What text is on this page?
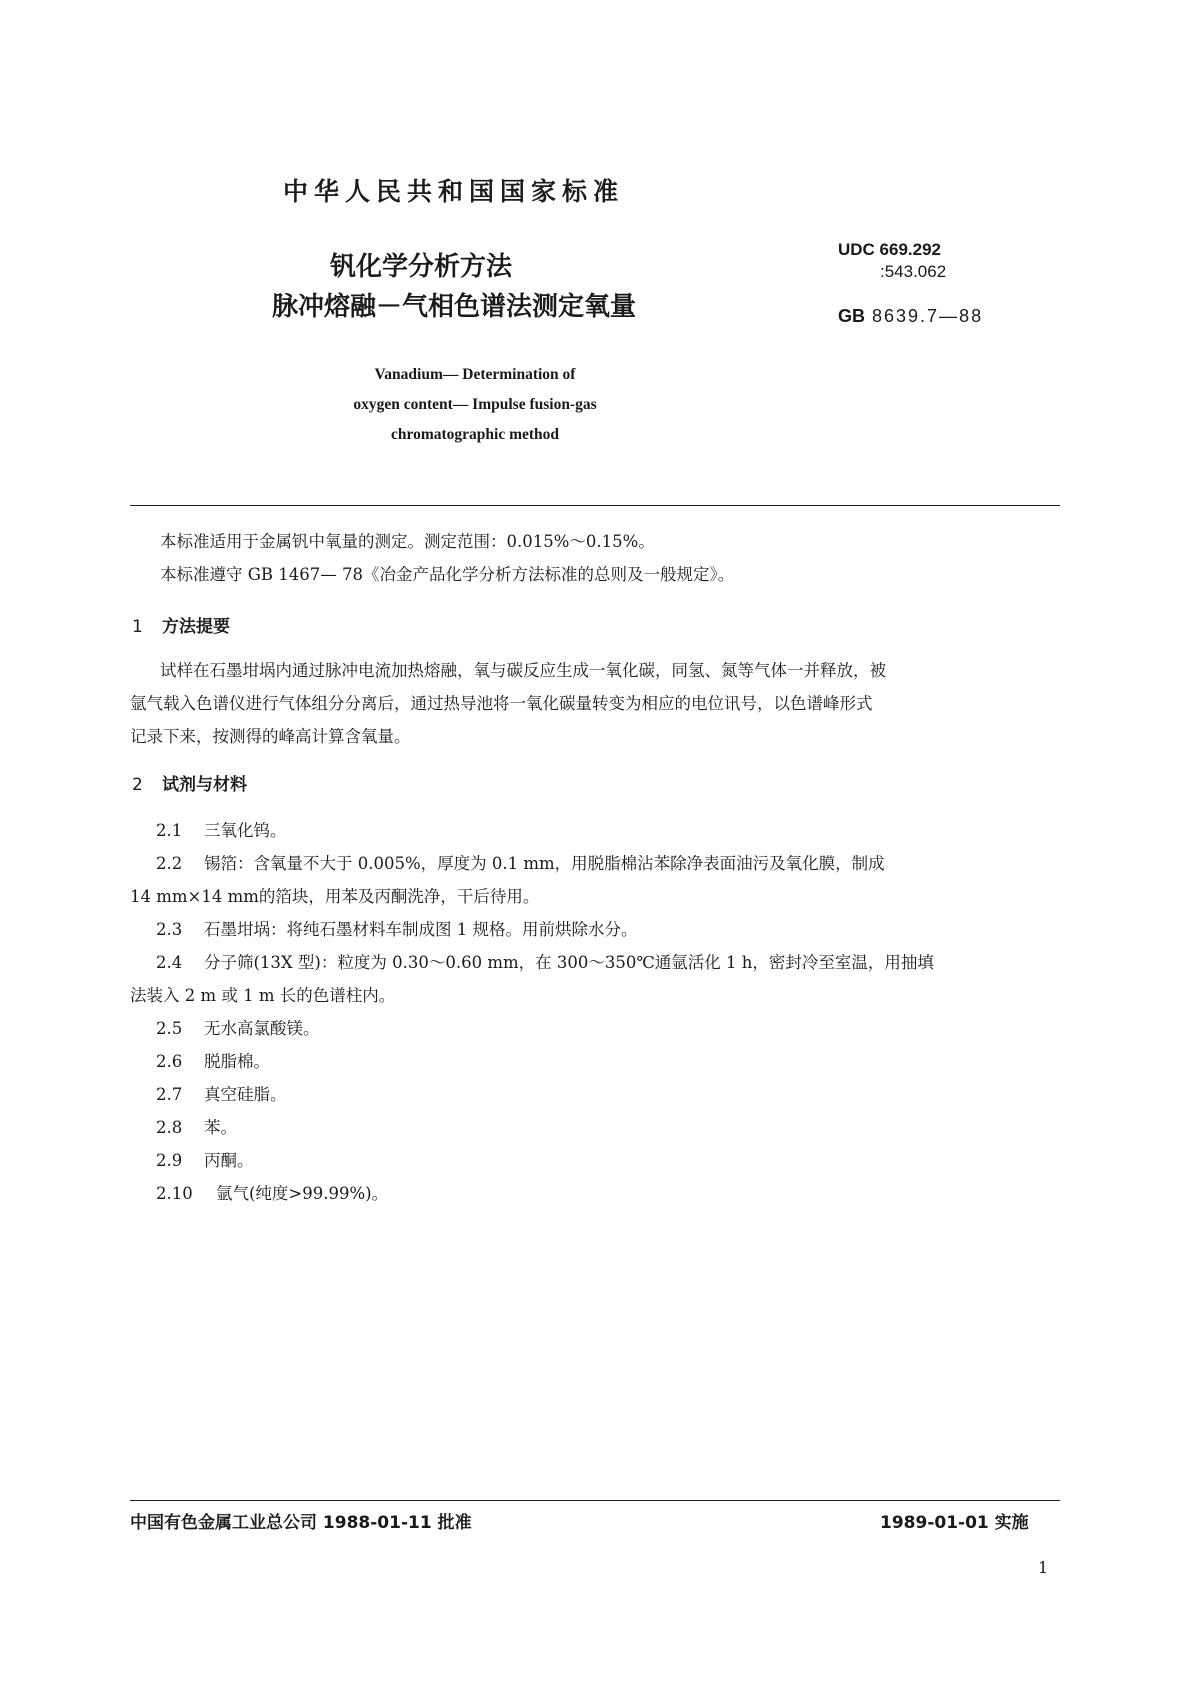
中华人民共和国国家标准
钒化学分析方法
脉冲熔融－气相色谱法测定氧量
UDC 669.292
:543.062
GB 8639.7—88
Vanadium— Determination of
oxygen content— Impulse fusion-gas
chromatographic method
本标准适用于金属钒中氧量的测定。测定范围：0.015%～0.15%。
本标准遵守 GB 1467— 78《冶金产品化学分析方法标准的总则及一般规定》。
1 方法提要
试样在石墨坩埚内通过脉冲电流加热熔融，氧与碳反应生成一氧化碳，同氢、氮等气体一并释放，被
氩气载入色谱仪进行气体组分分离后，通过热导池将一氧化碳量转变为相应的电位讯号，以色谱峰形式
记录下来，按测得的峰高计算含氧量。
2 试剂与材料
2.1 三氧化钨。
2.2 锡箔：含氧量不大于 0.005%，厚度为 0.1 mm，用脱脂棉沾苯除净表面油污及氧化膜，制成
14 mm×14 mm的箔块，用苯及丙酮洗净，干后待用。
2.3 石墨坩埚：将纯石墨材料车制成图 1 规格。用前烘除水分。
2.4 分子筛(13X 型)：粒度为 0.30～0.60 mm，在 300～350℃通氩活化 1 h，密封冷至室温，用抽填
法装入 2 m 或 1 m 长的色谱柱内。
2.5 无水高氯酸镁。
2.6 脱脂棉。
2.7 真空硅脂。
2.8 苯。
2.9 丙酮。
2.10 氩气(纯度>99.99%)。
中国有色金属工业总公司 1988-01-11 批准	1989-01-01 实施
1
